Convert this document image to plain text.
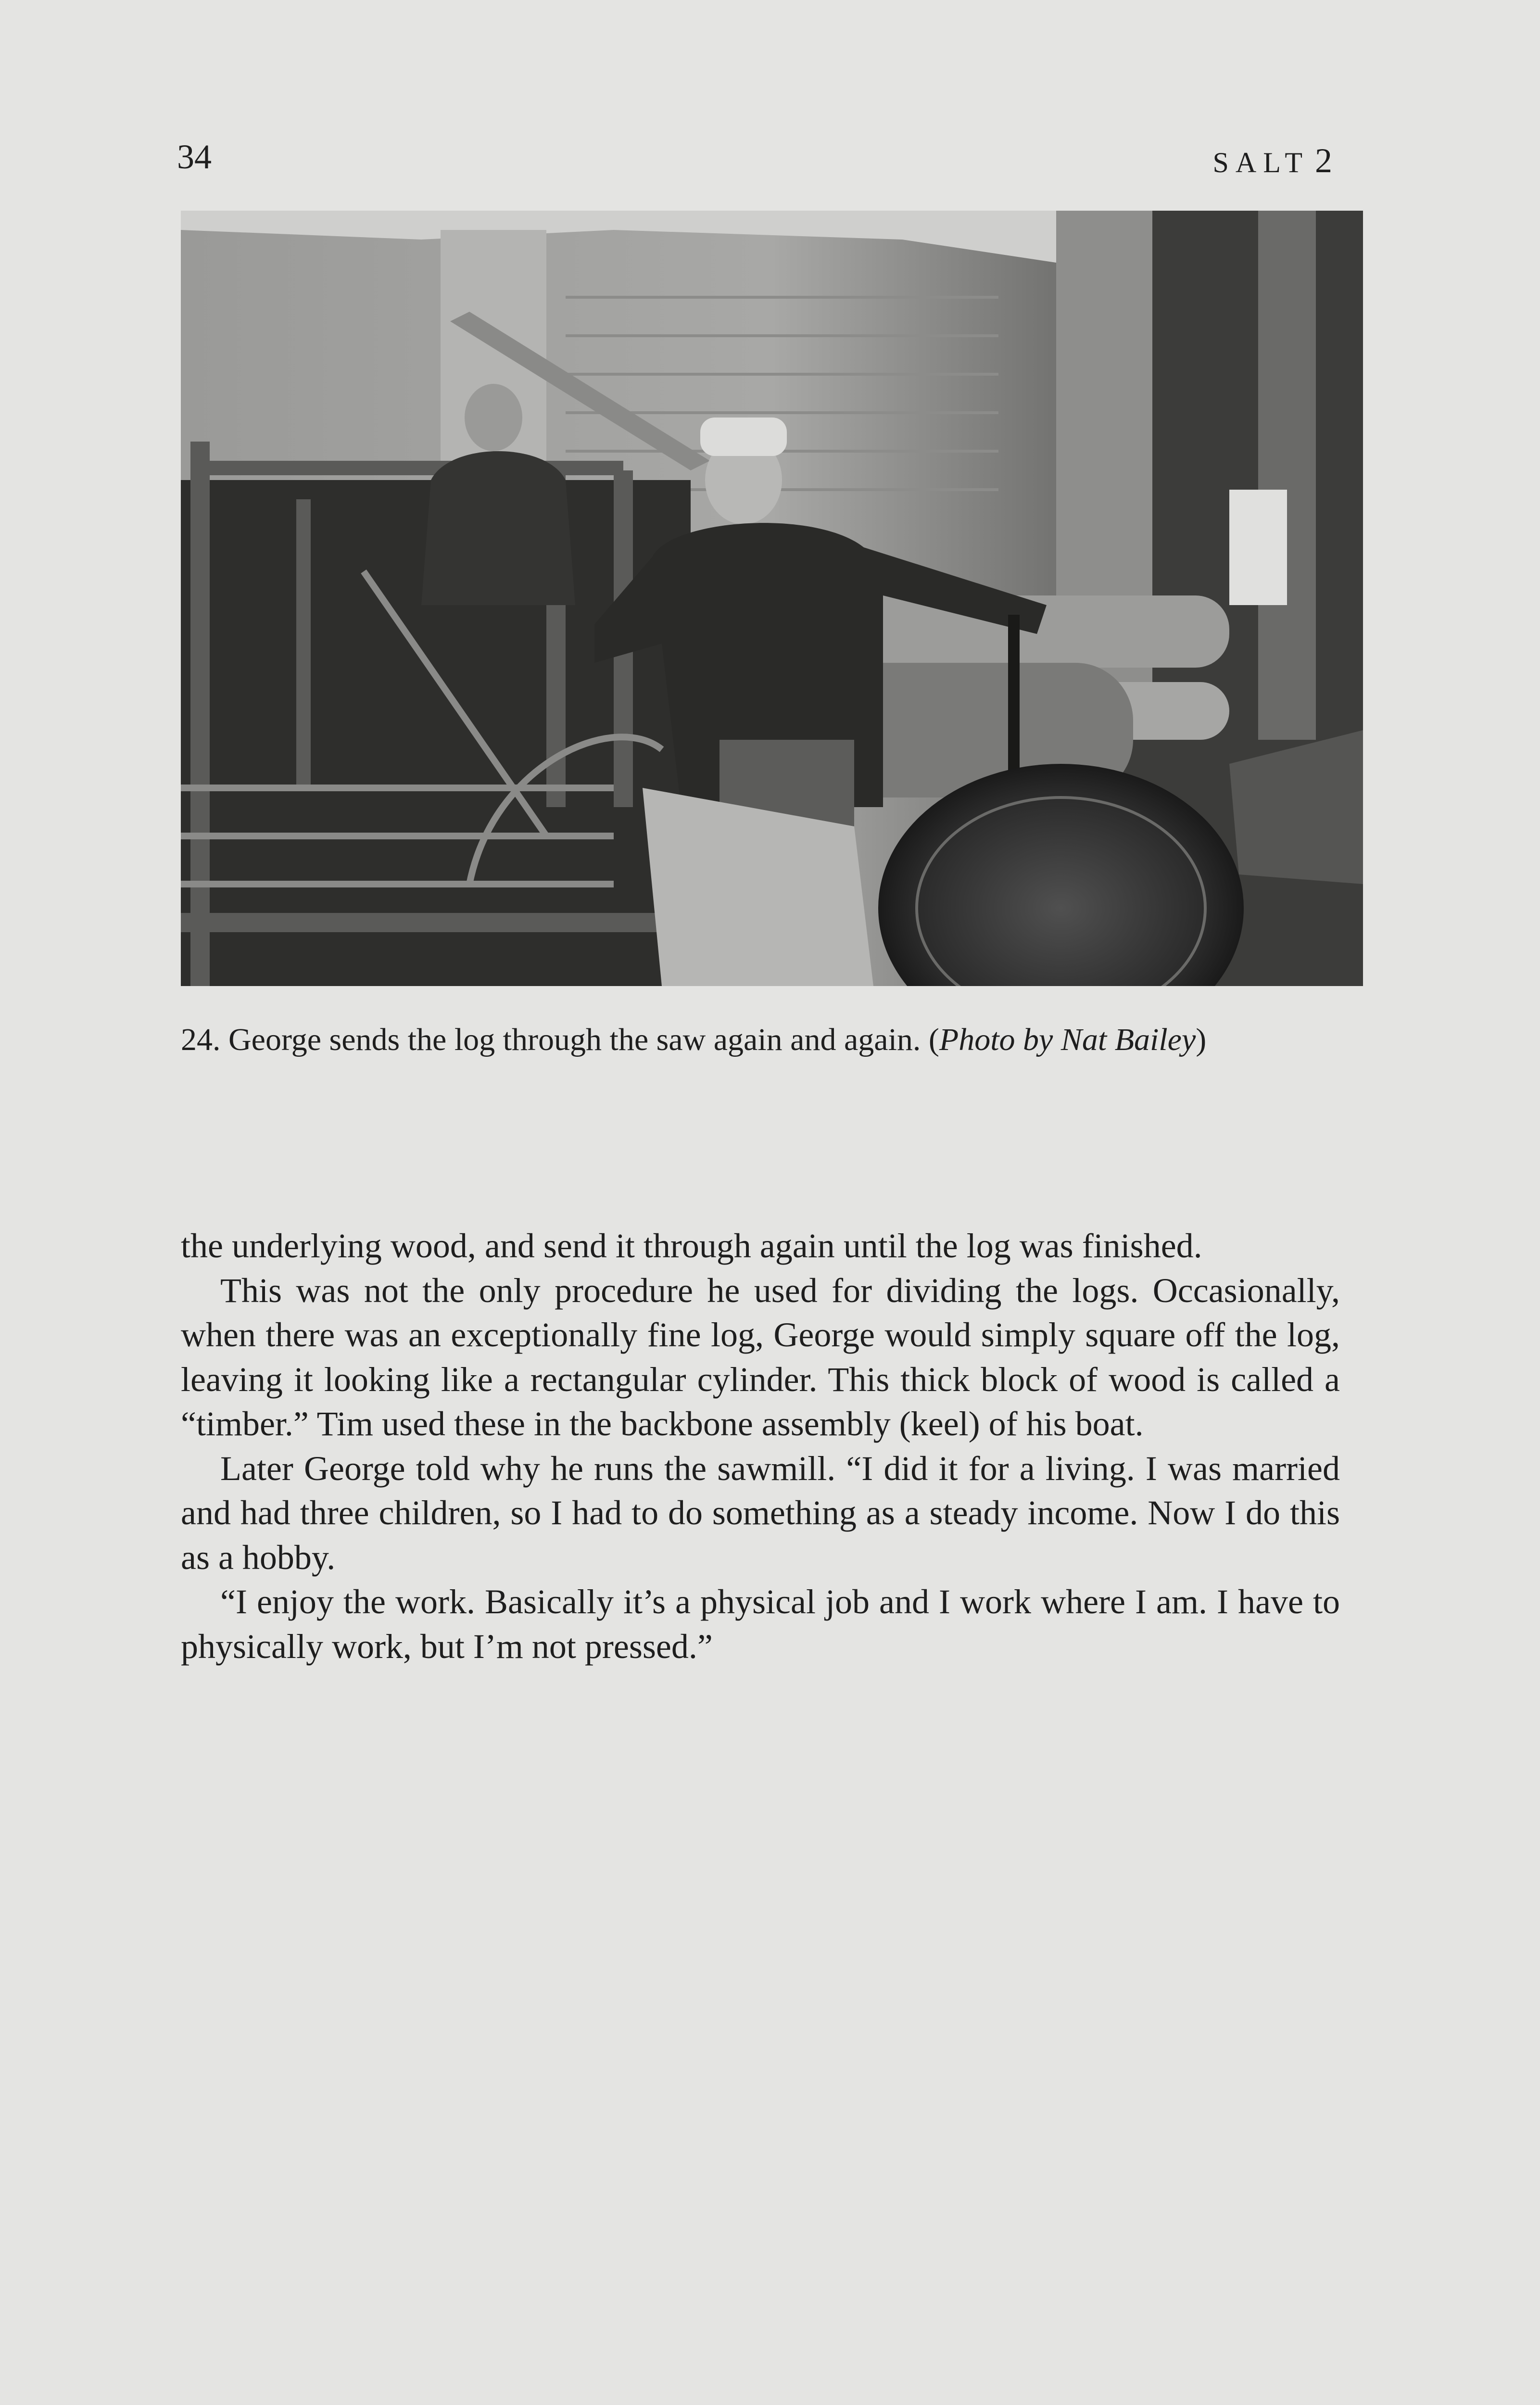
34	SALT 2
24. George sends the log through the saw again and again. (Photo by Nat Bailey)

the underlying wood, and send it through again until the log was finished.

This was not the only procedure he used for dividing the logs. Occasionally, when there was an exceptionally fine log, George would simply square off the log, leaving it looking like a rectangular cylinder. This thick block of wood is called a “timber.” Tim used these in the backbone assembly (keel) of his boat.

Later George told why he runs the sawmill. “I did it for a living. I was married and had three children, so I had to do something as a steady income. Now I do this as a hobby.

“I enjoy the work. Basically it’s a physical job and I work where I am. I have to physically work, but I’m not pressed.”
